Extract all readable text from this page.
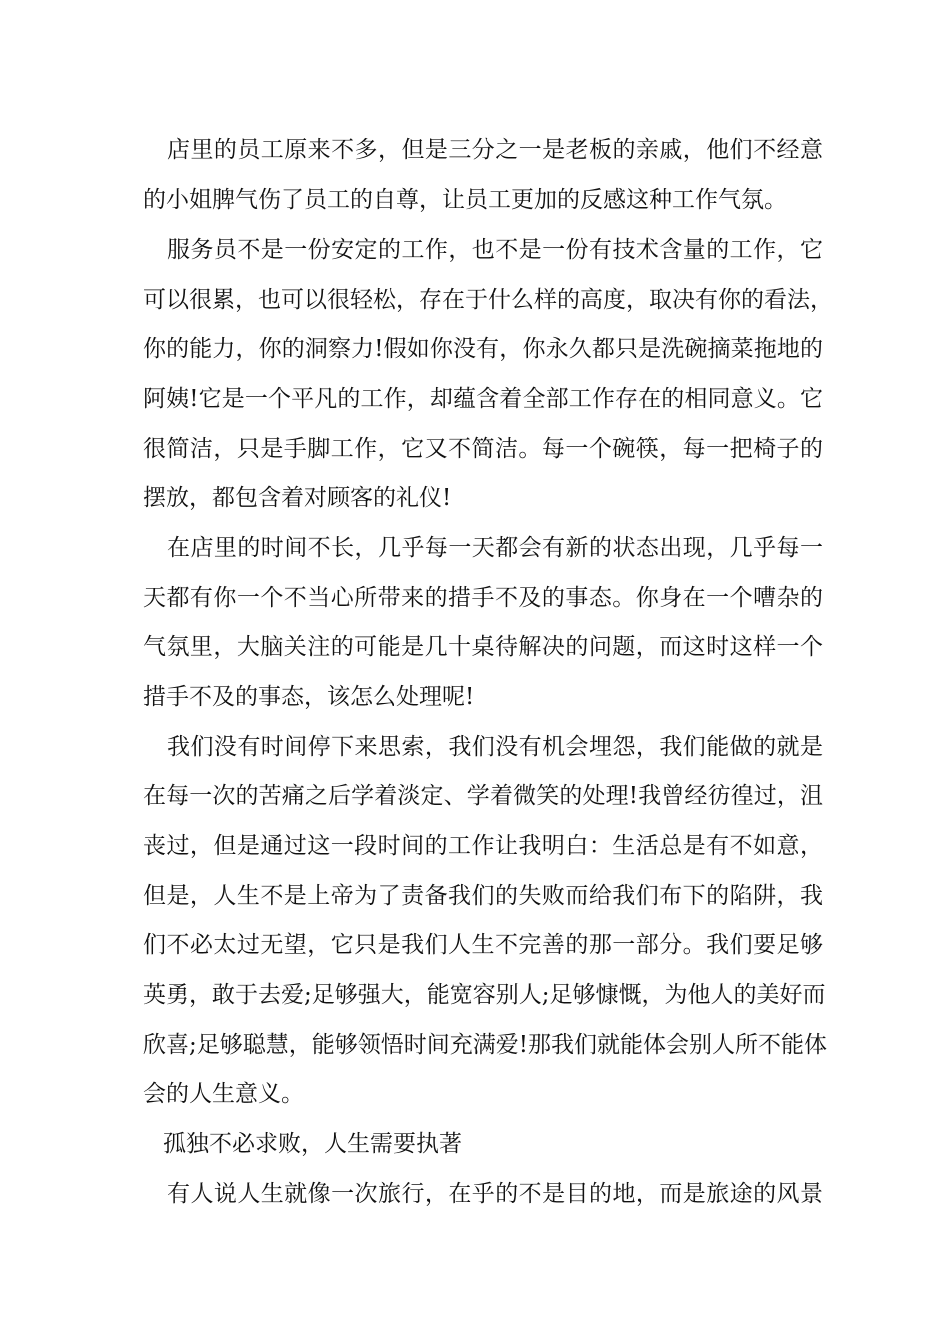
店里的员工原来不多，但是三分之一是老板的亲戚，他们不经意
的小姐脾气伤了员工的自尊，让员工更加的反感这种工作气氛。
服务员不是一份安定的工作，也不是一份有技术含量的工作，它
可以很累，也可以很轻松，存在于什么样的高度，取决有你的看法，
你的能力，你的洞察力!假如你没有，你永久都只是洗碗摘菜拖地的
阿姨!它是一个平凡的工作，却蕴含着全部工作存在的相同意义。它
很简洁，只是手脚工作，它又不简洁。每一个碗筷，每一把椅子的
摆放，都包含着对顾客的礼仪!
在店里的时间不长，几乎每一天都会有新的状态出现，几乎每一
天都有你一个不当心所带来的措手不及的事态。你身在一个嘈杂的
气氛里，大脑关注的可能是几十桌待解决的问题，而这时这样一个
措手不及的事态，该怎么处理呢!
我们没有时间停下来思索，我们没有机会埋怨，我们能做的就是
在每一次的苦痛之后学着淡定、学着微笑的处理!我曾经彷徨过，沮
丧过，但是通过这一段时间的工作让我明白：生活总是有不如意，
但是，人生不是上帝为了责备我们的失败而给我们布下的陷阱，我
们不必太过无望，它只是我们人生不完善的那一部分。我们要足够
英勇，敢于去爱;足够强大，能宽容别人;足够慷慨，为他人的美好而
欣喜;足够聪慧，能够领悟时间充满爱!那我们就能体会别人所不能体
会的人生意义。
孤独不必求败，人生需要执著
有人说人生就像一次旅行，在乎的不是目的地，而是旅途的风景
